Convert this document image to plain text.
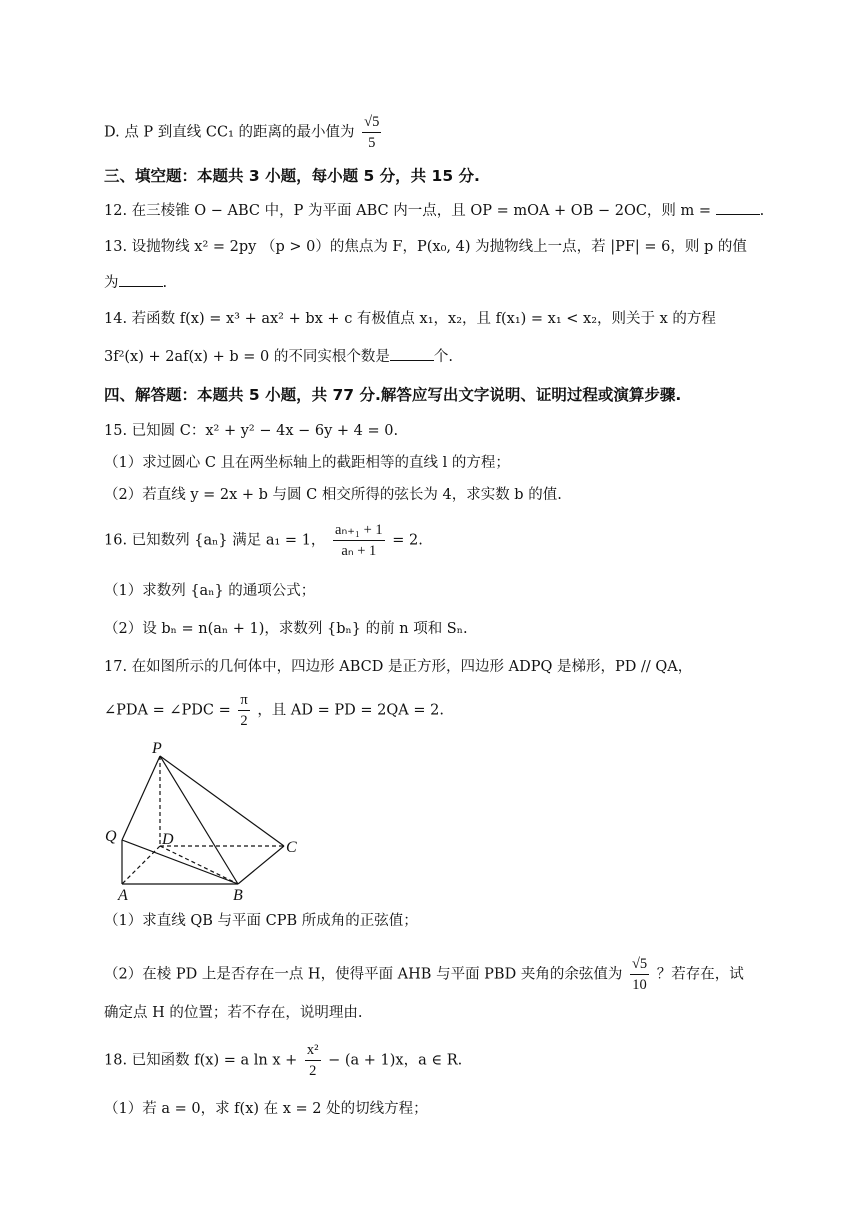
D. 点 P 到直线 CC₁ 的距离的最小值为 $\frac{√5}{5}$
三、填空题：本题共 3 小题，每小题 5 分，共 15 分.
12. 在三棱锥 O − ABC 中，P 为平面 ABC 内一点，且 OP = mOA + OB − 2OC，则 m =	.
13. 设抛物线 x² = 2py （p > 0）的焦点为 F，P(x₀, 4) 为抛物线上一点，若 |PF| = 6，则 p 的值
为	.
14. 若函数 f(x) = x³ + ax² + bx + c 有极值点 x₁，x₂，且 f(x₁) = x₁ < x₂，则关于 x 的方程
3f²(x) + 2af(x) + b = 0 的不同实根个数是	个.
四、解答题：本题共 5 小题，共 77 分.解答应写出文字说明、证明过程或演算步骤.
15. 已知圆 C：x² + y² − 4x − 6y + 4 = 0.
（1）求过圆心 C 且在两坐标轴上的截距相等的直线 l 的方程；
（2）若直线 y = 2x + b 与圆 C 相交所得的弦长为 4，求实数 b 的值.
16. 已知数列 {aₙ} 满足 a₁ = 1， $\frac{\text{aₙ₊₁ + 1}}{\text{aₙ + 1}} = 2$.
（1）求数列 {aₙ} 的通项公式；
（2）设 bₙ = n(aₙ + 1)，求数列 {bₙ} 的前 n 项和 Sₙ.
17. 在如图所示的几何体中，四边形 ABCD 是正方形，四边形 ADPQ 是梯形，PD // QA，
∠PDA = ∠PDC = $\frac{\pi}{2}$ ，且 AD = PD = 2QA = 2.
P
Q	D	C
A	B
（1）求直线 QB 与平面 CPB 所成角的正弦值；
（2）在棱 PD 上是否存在一点 H，使得平面 AHB 与平面 PBD 夹角的余弦值为 $\frac{√5}{10}$ ？若存在，试
确定点 H 的位置；若不存在，说明理由.
18. 已知函数 f(x) = a $\ln x + \frac{\text{x²}}{2} - (a + 1)x$，a ∈ R.
（1）若 a = 0，求 f(x) 在 x = 2 处的切线方程；
